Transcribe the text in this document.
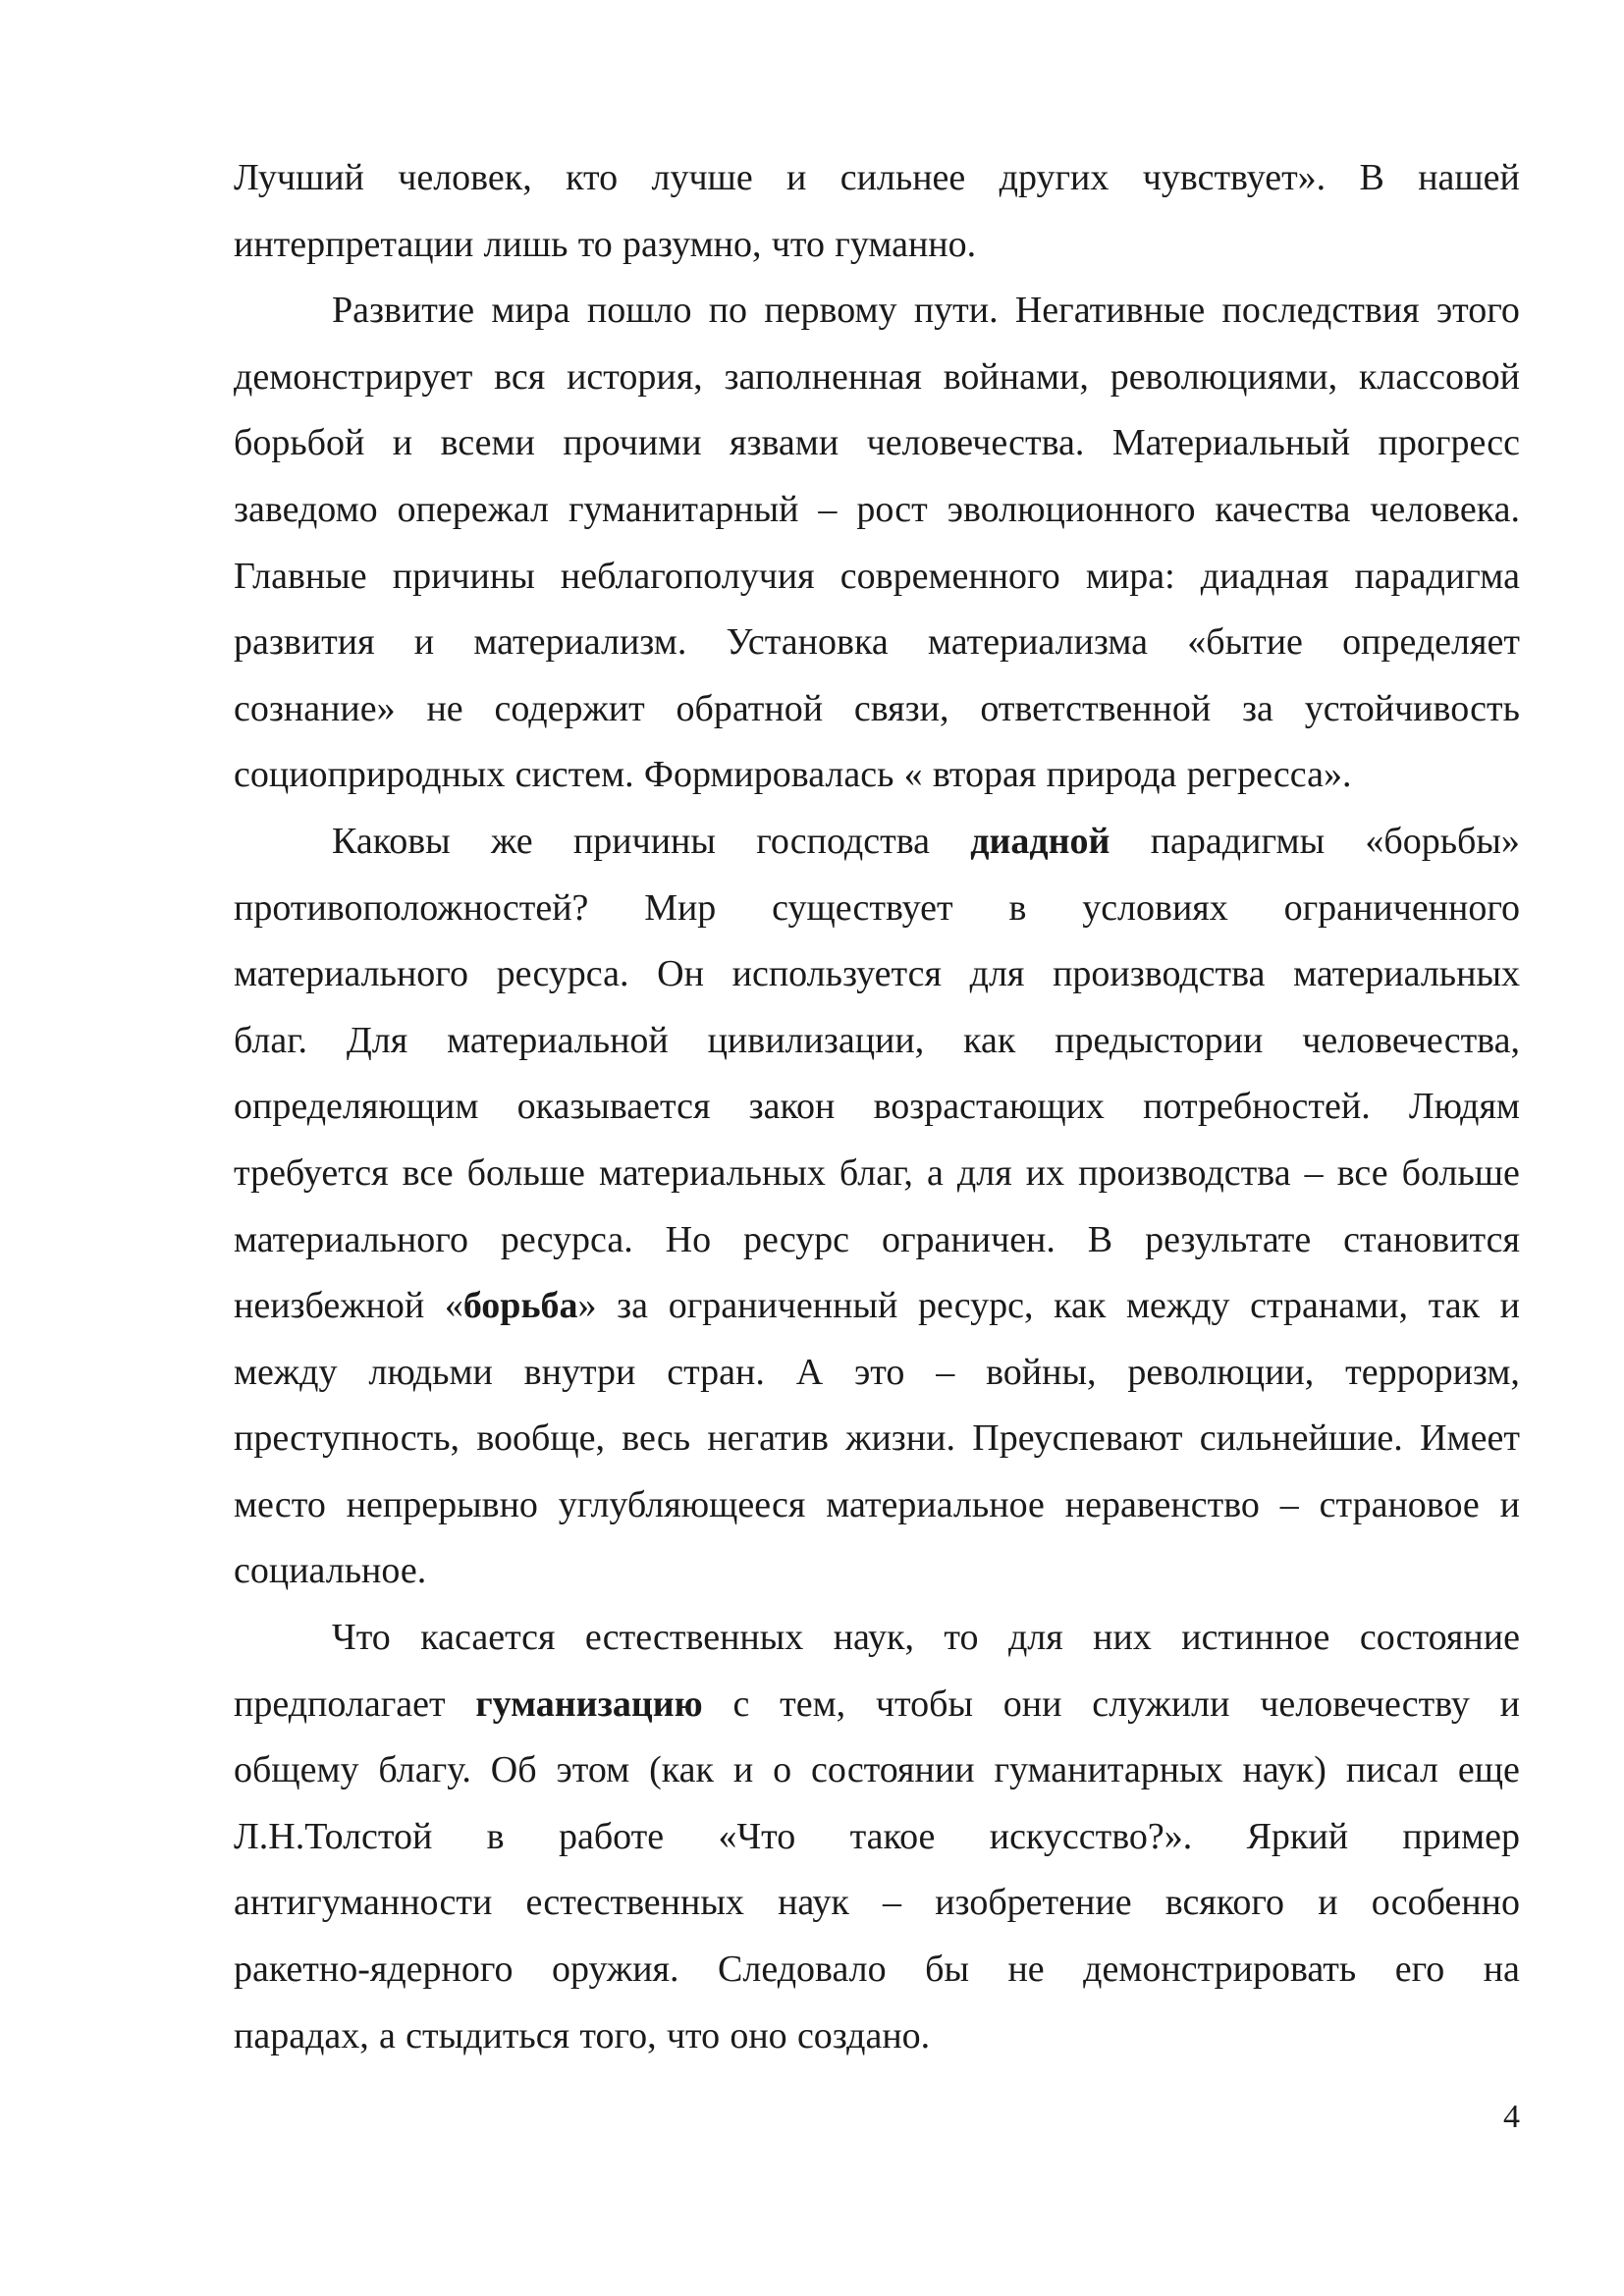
Лучший человек, кто лучше и сильнее других чувствует». В нашей
интерпретации лишь то разумно, что гуманно.
Развитие мира пошло по первому пути. Негативные последствия этого
демонстрирует вся история, заполненная войнами, революциями, классовой
борьбой и всеми прочими язвами человечества. Материальный прогресс
заведомо опережал гуманитарный – рост эволюционного качества человека.
Главные причины неблагополучия современного мира: диадная парадигма
развития и материализм. Установка материализма «бытие определяет
сознание» не содержит обратной связи, ответственной за устойчивость
социоприродных систем. Формировалась « вторая природа регресса».
Каковы же причины господства диадной парадигмы «борьбы»
противоположностей? Мир существует в условиях ограниченного
материального ресурса. Он используется для производства материальных
благ. Для материальной цивилизации, как предыстории человечества,
определяющим оказывается закон возрастающих потребностей. Людям
требуется все больше материальных благ, а для их производства – все больше
материального ресурса. Но ресурс ограничен. В результате становится
неизбежной «борьба» за ограниченный ресурс, как между странами, так и
между людьми внутри стран. А это – войны, революции, терроризм,
преступность, вообще, весь негатив жизни. Преуспевают сильнейшие. Имеет
место непрерывно углубляющееся материальное неравенство – страновое и
социальное.
Что касается естественных наук, то для них истинное состояние
предполагает гуманизацию с тем, чтобы они служили человечеству и
общему благу. Об этом (как и о состоянии гуманитарных наук) писал еще
Л.Н.Толстой в работе «Что такое искусство?». Яркий пример
антигуманности естественных наук – изобретение всякого и особенно
ракетно-ядерного оружия. Следовало бы не демонстрировать его на
парадах, а стыдиться того, что оно создано.
4
